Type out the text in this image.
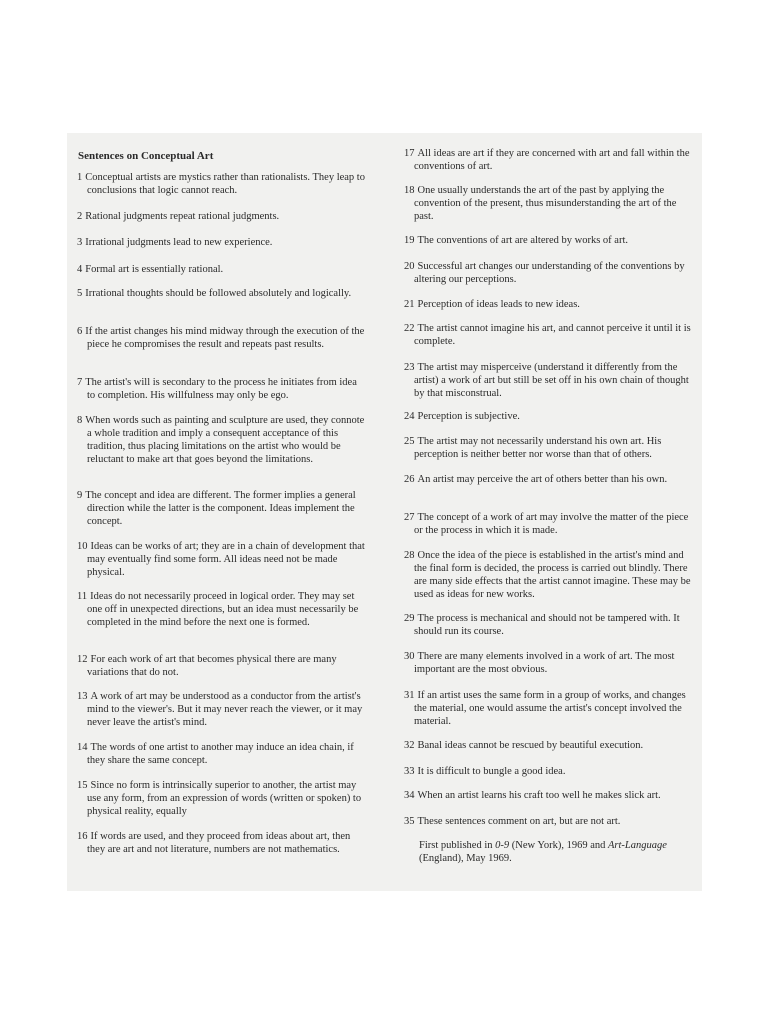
Sentences on Conceptual Art
1 Conceptual artists are mystics rather than rationalists. They leap to conclusions that logic cannot reach.
2 Rational judgments repeat rational judgments.
3 Irrational judgments lead to new experience.
4 Formal art is essentially rational.
5 Irrational thoughts should be followed absolutely and logically.
6 If the artist changes his mind midway through the execution of the piece he compromises the result and repeats past results.
7 The artist's will is secondary to the process he initiates from idea to completion. His willfulness may only be ego.
8 When words such as painting and sculpture are used, they connote a whole tradition and imply a consequent acceptance of this tradition, thus placing limitations on the artist who would be reluctant to make art that goes beyond the limitations.
9 The concept and idea are different. The former implies a general direction while the latter is the component. Ideas implement the concept.
10 Ideas can be works of art; they are in a chain of development that may eventually find some form. All ideas need not be made physical.
11 Ideas do not necessarily proceed in logical order. They may set one off in unexpected directions, but an idea must necessarily be completed in the mind before the next one is formed.
12 For each work of art that becomes physical there are many variations that do not.
13 A work of art may be understood as a conductor from the artist's mind to the viewer's. But it may never reach the viewer, or it may never leave the artist's mind.
14 The words of one artist to another may induce an idea chain, if they share the same concept.
15 Since no form is intrinsically superior to another, the artist may use any form, from an expression of words (written or spoken) to physical reality, equally
16 If words are used, and they proceed from ideas about art, then they are art and not literature, numbers are not mathematics.
17 All ideas are art if they are concerned with art and fall within the conventions of art.
18 One usually understands the art of the past by applying the convention of the present, thus misunderstanding the art of the past.
19 The conventions of art are altered by works of art.
20 Successful art changes our understanding of the conventions by altering our perceptions.
21 Perception of ideas leads to new ideas.
22 The artist cannot imagine his art, and cannot perceive it until it is complete.
23 The artist may misperceive (understand it differently from the artist) a work of art but still be set off in his own chain of thought by that misconstrual.
24 Perception is subjective.
25 The artist may not necessarily understand his own art. His perception is neither better nor worse than that of others.
26 An artist may perceive the art of others better than his own.
27 The concept of a work of art may involve the matter of the piece or the process in which it is made.
28 Once the idea of the piece is established in the artist's mind and the final form is decided, the process is carried out blindly. There are many side effects that the artist cannot imagine. These may be used as ideas for new works.
29 The process is mechanical and should not be tampered with. It should run its course.
30 There are many elements involved in a work of art. The most important are the most obvious.
31 If an artist uses the same form in a group of works, and changes the material, one would assume the artist's concept involved the material.
32 Banal ideas cannot be rescued by beautiful execution.
33 It is difficult to bungle a good idea.
34 When an artist learns his craft too well he makes slick art.
35 These sentences comment on art, but are not art.

First published in 0-9 (New York), 1969 and Art-Language (England), May 1969.
